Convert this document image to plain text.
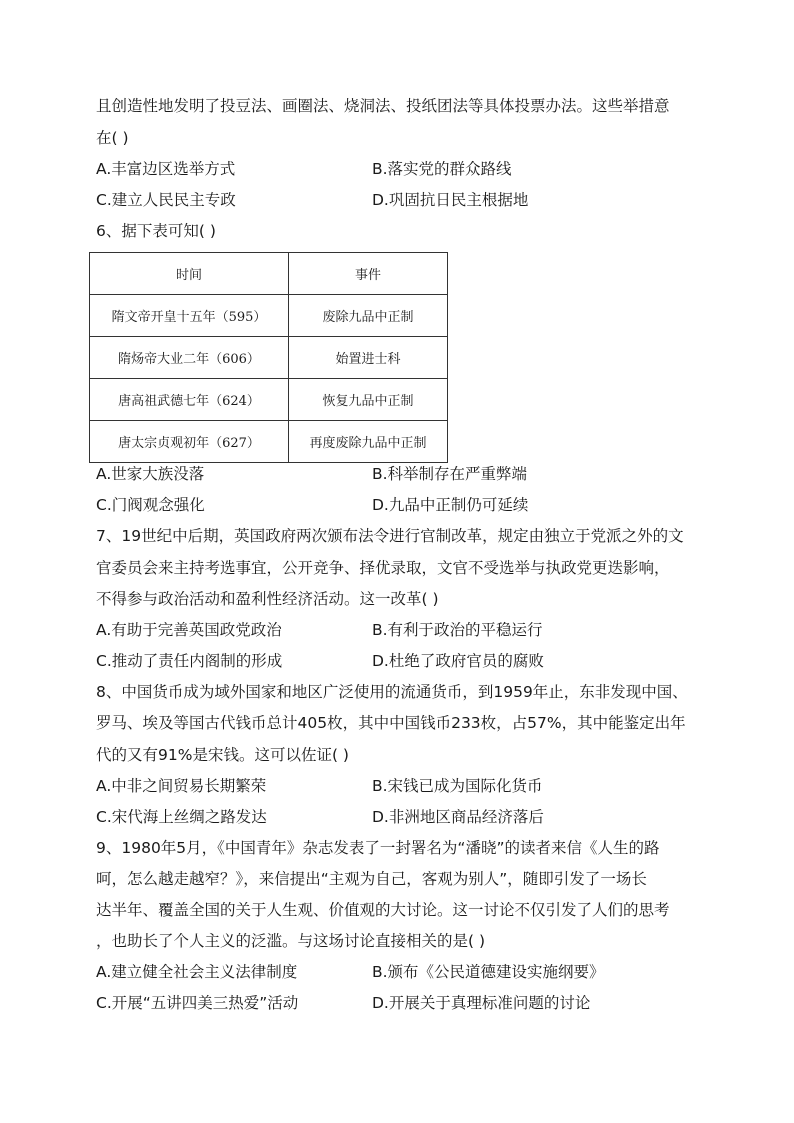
且创造性地发明了投豆法、画圈法、烧洞法、投纸团法等具体投票办法。这些举措意
在( )
A.丰富边区选举方式	B.落实党的群众路线
C.建立人民民主专政	D.巩固抗日民主根据地
6、据下表可知( )
时间	事件
隋文帝开皇十五年（595）	废除九品中正制
隋炀帝大业二年（606）	始置进士科
唐高祖武德七年（624）	恢复九品中正制
唐太宗贞观初年（627）	再度废除九品中正制
A.世家大族没落	B.科举制存在严重弊端
C.门阀观念强化	D.九品中正制仍可延续
7、19世纪中后期，英国政府两次颁布法令进行官制改革，规定由独立于党派之外的文
官委员会来主持考选事宜，公开竞争、择优录取，文官不受选举与执政党更迭影响，
不得参与政治活动和盈利性经济活动。这一改革( )
A.有助于完善英国政党政治	B.有利于政治的平稳运行
C.推动了责任内阁制的形成	D.杜绝了政府官员的腐败
8、中国货币成为域外国家和地区广泛使用的流通货币，到1959年止，东非发现中国、
罗马、埃及等国古代钱币总计405枚，其中中国钱币233枚，占57%，其中能鉴定出年
代的又有91%是宋钱。这可以佐证( )
A.中非之间贸易长期繁荣	B.宋钱已成为国际化货币
C.宋代海上丝绸之路发达	D.非洲地区商品经济落后
9、1980年5月，《中国青年》杂志发表了一封署名为“潘晓”的读者来信《人生的路
呵，怎么越走越窄？》，来信提出“主观为自己，客观为别人”，随即引发了一场长
达半年、覆盖全国的关于人生观、价值观的大讨论。这一讨论不仅引发了人们的思考
，也助长了个人主义的泛滥。与这场讨论直接相关的是( )
A.建立健全社会主义法律制度	B.颁布《公民道德建设实施纲要》
C.开展“五讲四美三热爱”活动	D.开展关于真理标准问题的讨论
